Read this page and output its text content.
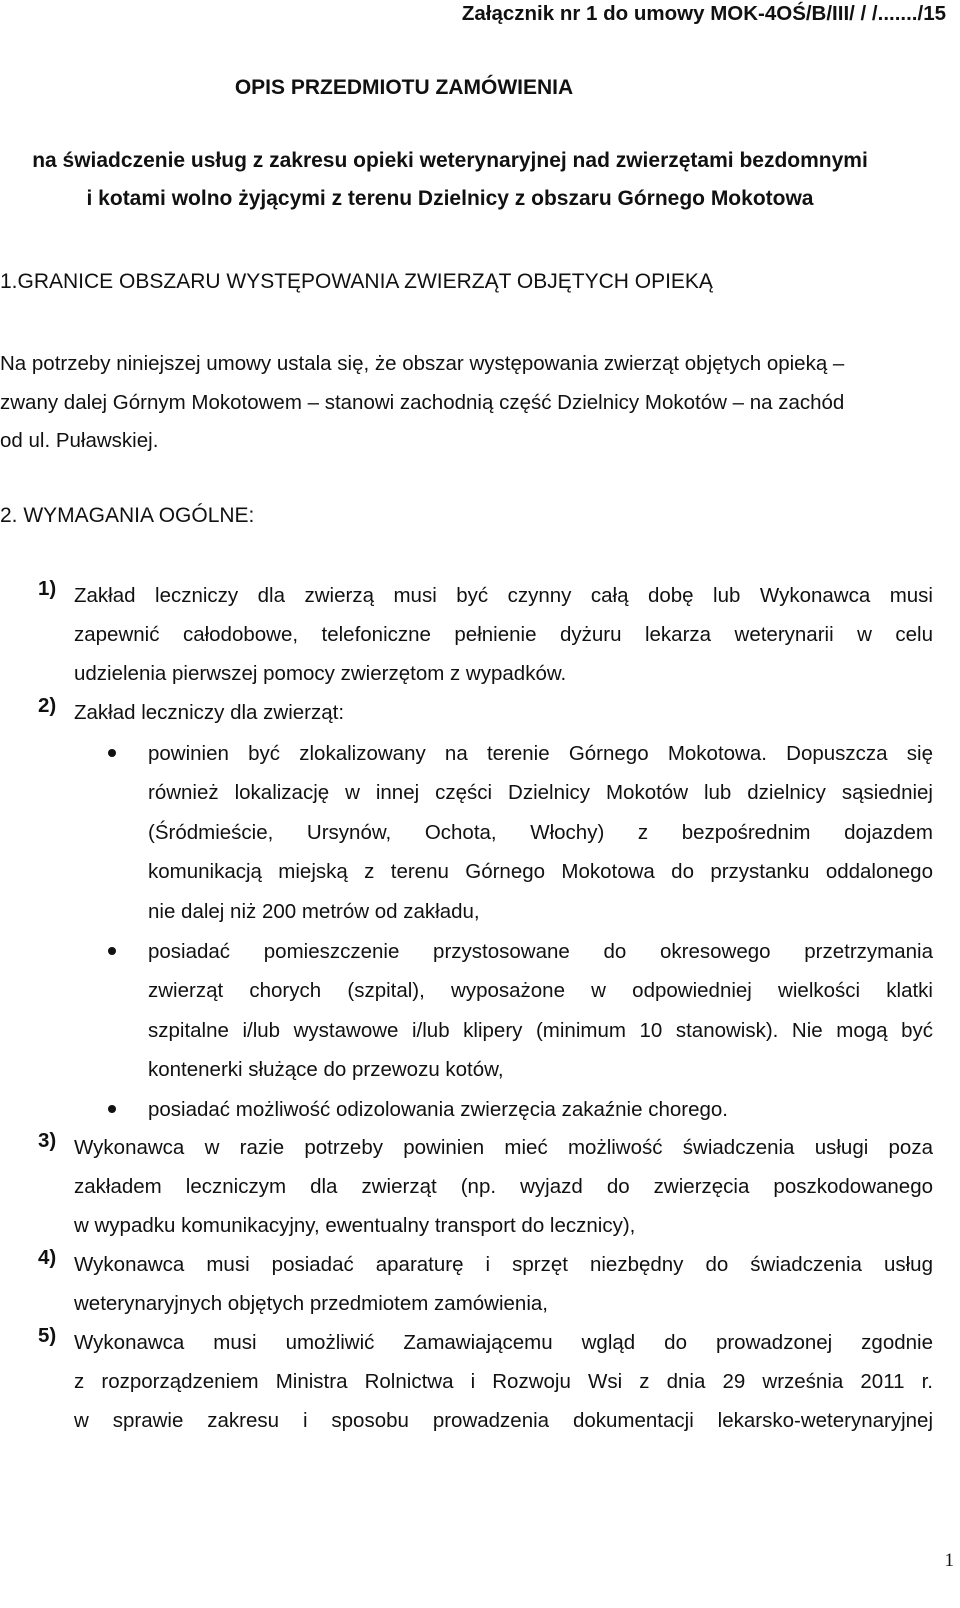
Załącznik nr 1 do umowy MOK-4OŚ/B/III/ / /......./15
OPIS PRZEDMIOTU ZAMÓWIENIA
na świadczenie usług z zakresu opieki weterynaryjnej nad zwierzętami bezdomnymi
i kotami wolno żyjącymi z terenu Dzielnicy z obszaru Górnego Mokotowa
1.GRANICE OBSZARU WYSTĘPOWANIA ZWIERZĄT OBJĘTYCH OPIEKĄ
Na potrzeby niniejszej umowy ustala się, że obszar występowania zwierząt objętych opieką –
zwany dalej Górnym Mokotowem – stanowi zachodnią część Dzielnicy Mokotów – na zachód
od ul. Puławskiej.
2. WYMAGANIA OGÓLNE:
1) Zakład leczniczy dla zwierzą musi być czynny całą dobę lub Wykonawca musi
zapewnić całodobowe, telefoniczne pełnienie dyżuru lekarza weterynarii w celu
udzielenia pierwszej pomocy zwierzętom z wypadków.
2) Zakład leczniczy dla zwierząt:
powinien być zlokalizowany na terenie Górnego Mokotowa. Dopuszcza się
również lokalizację w innej części Dzielnicy Mokotów lub dzielnicy sąsiedniej
(Śródmieście, Ursynów, Ochota, Włochy) z bezpośrednim dojazdem
komunikacją miejską z terenu Górnego Mokotowa do przystanku oddalonego
nie dalej niż 200 metrów od zakładu,
posiadać pomieszczenie przystosowane do okresowego przetrzymania
zwierząt chorych (szpital), wyposażone w odpowiedniej wielkości klatki
szpitalne i/lub wystawowe i/lub klipery (minimum 10 stanowisk). Nie mogą być
kontenerki służące do przewozu kotów,
posiadać możliwość odizolowania zwierzęcia zakaźnie chorego.
3) Wykonawca w razie potrzeby powinien mieć możliwość świadczenia usługi poza
zakładem leczniczym dla zwierząt (np. wyjazd do zwierzęcia poszkodowanego
w wypadku komunikacyjny, ewentualny transport do lecznicy),
4) Wykonawca musi posiadać aparaturę i sprzęt niezbędny do świadczenia usług
weterynaryjnych objętych przedmiotem zamówienia,
5) Wykonawca musi umożliwić Zamawiającemu wgląd do prowadzonej zgodnie
z rozporządzeniem Ministra Rolnictwa i Rozwoju Wsi z dnia 29 września 2011 r.
w sprawie zakresu i sposobu prowadzenia dokumentacji lekarsko-weterynaryjnej
1
